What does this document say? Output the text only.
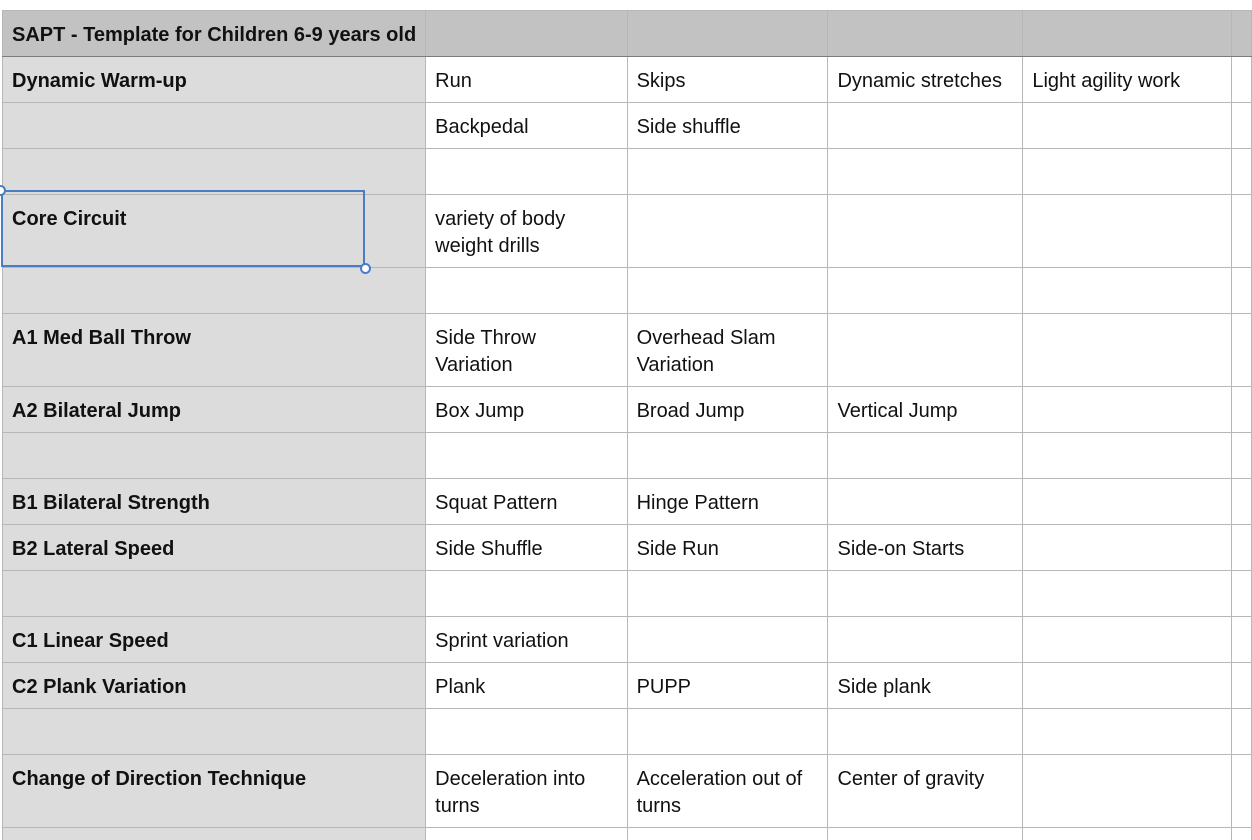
SAPT - Template for Children 6-9 years old					
Dynamic Warm-up	Run	Skips	Dynamic stretches	Light agility work	
	Backpedal	Side shuffle			

Core Circuit	variety of body weight drills				

A1 Med Ball Throw	Side Throw Variation	Overhead Slam Variation			
A2 Bilateral Jump	Box Jump	Broad Jump	Vertical Jump		

B1 Bilateral Strength	Squat Pattern	Hinge Pattern			
B2 Lateral Speed	Side Shuffle	Side Run	Side-on Starts		

C1 Linear Speed	Sprint variation				
C2 Plank Variation	Plank	PUPP	Side plank		

Change of Direction Technique	Deceleration into turns	Acceleration out of turns	Center of gravity		
